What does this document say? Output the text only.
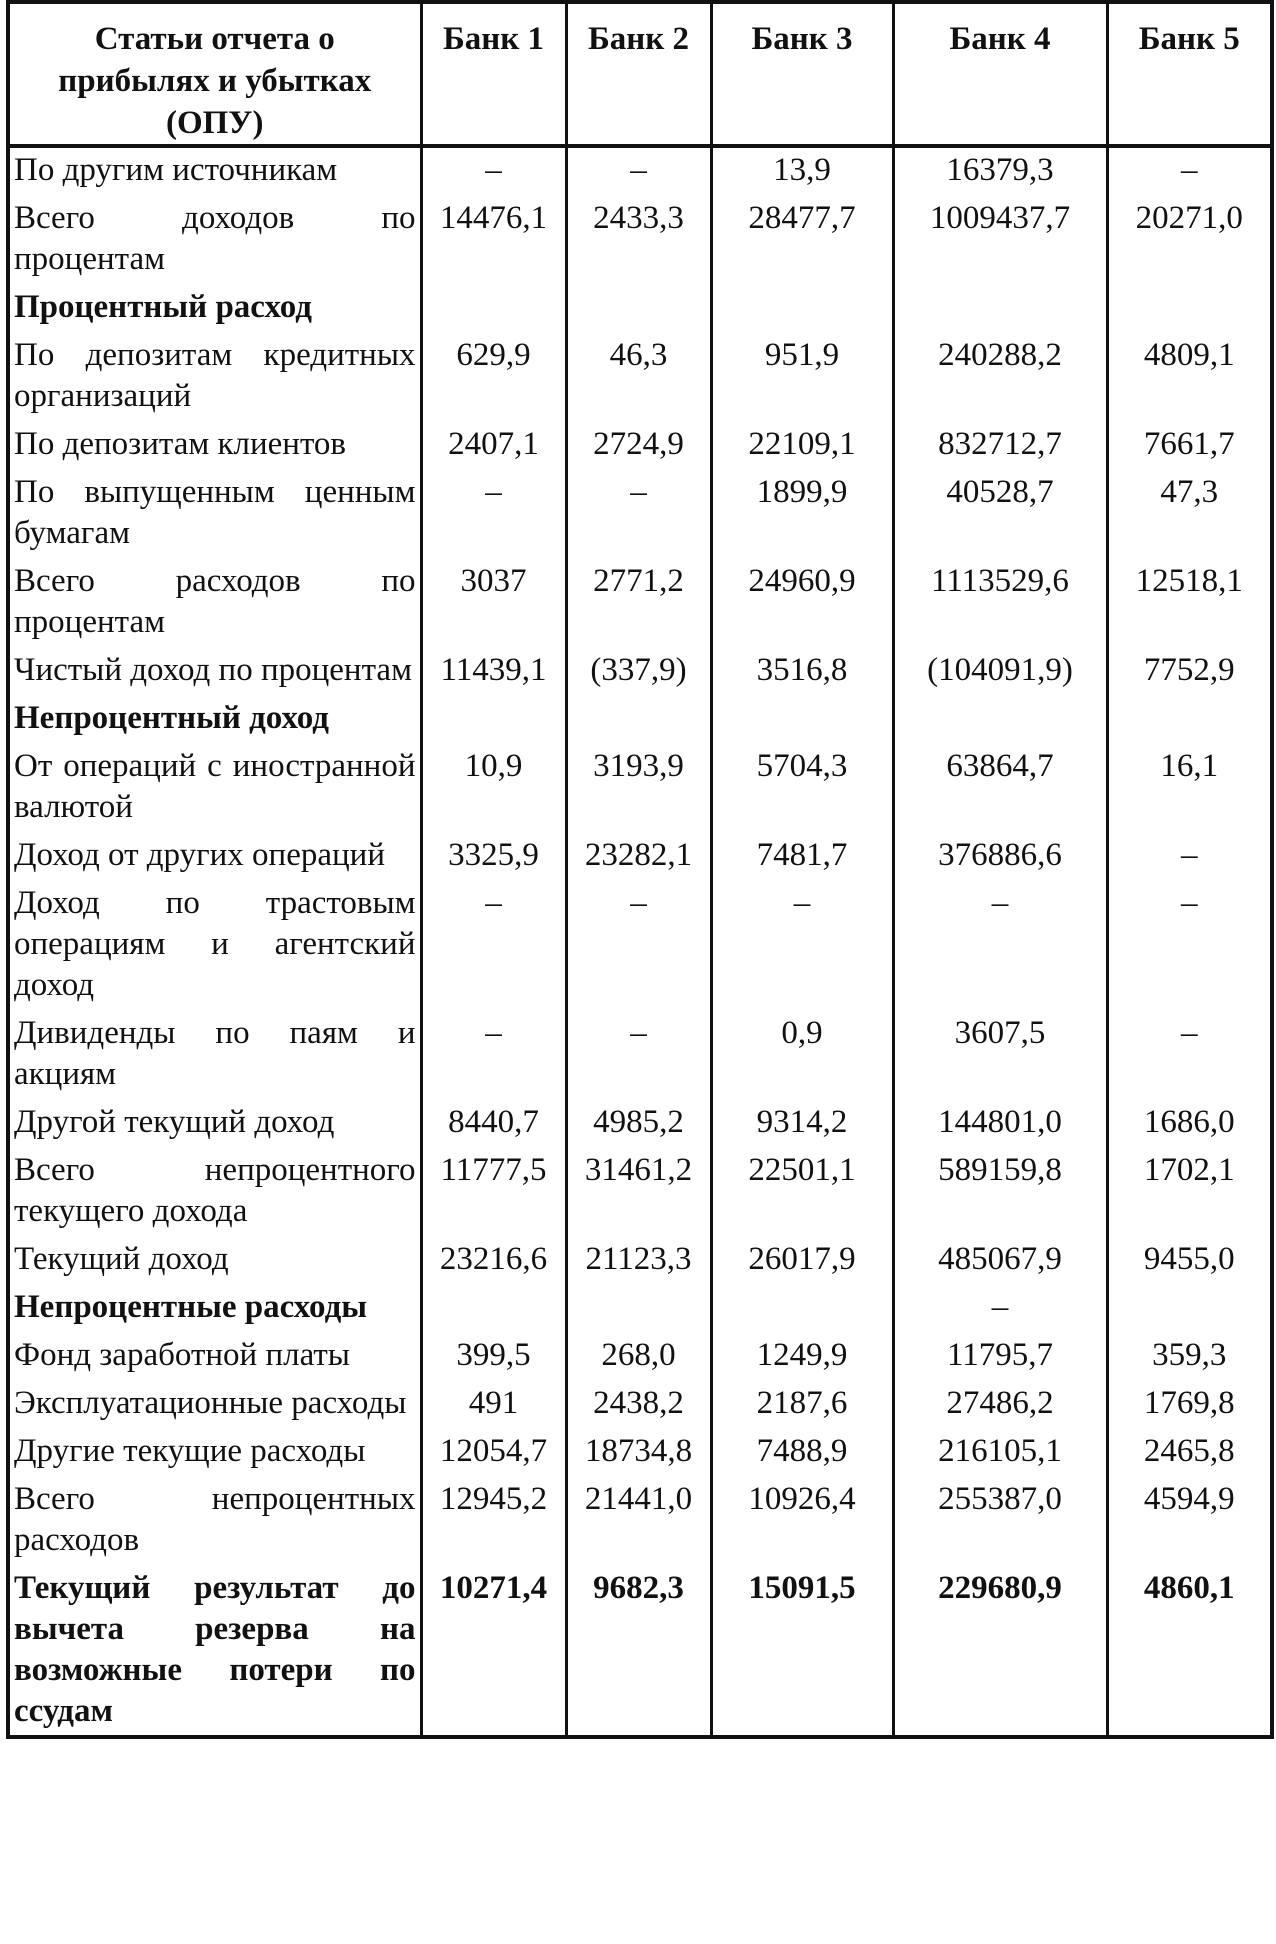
Статьи отчета о прибылях и убытках (ОПУ)	Банк 1	Банк 2	Банк 3	Банк 4	Банк 5
По другим источникам	–	–	13,9	16379,3	–
Всего доходов по процентам	14476,1	2433,3	28477,7	1009437,7	20271,0
Процентный расход					
По депозитам кредитных организаций	629,9	46,3	951,9	240288,2	4809,1
По депозитам клиентов	2407,1	2724,9	22109,1	832712,7	7661,7
По выпущенным ценным бумагам	–	–	1899,9	40528,7	47,3
Всего расходов по процентам	3037	2771,2	24960,9	1113529,6	12518,1
Чистый доход по процентам	11439,1	(337,9)	3516,8	(104091,9)	7752,9
Непроцентный доход					
От операций с иностранной валютой	10,9	3193,9	5704,3	63864,7	16,1
Доход от других операций	3325,9	23282,1	7481,7	376886,6	–
Доход по трастовым операциям и агентский доход	–	–	–	–	–
Дивиденды по паям и акциям	–	–	0,9	3607,5	–
Другой текущий доход	8440,7	4985,2	9314,2	144801,0	1686,0
Всего непроцентного текущего дохода	11777,5	31461,2	22501,1	589159,8	1702,1
Текущий доход	23216,6	21123,3	26017,9	485067,9	9455,0
Непроцентные расходы				–	
Фонд заработной платы	399,5	268,0	1249,9	11795,7	359,3
Эксплуатационные расходы	491	2438,2	2187,6	27486,2	1769,8
Другие текущие расходы	12054,7	18734,8	7488,9	216105,1	2465,8
Всего непроцентных расходов	12945,2	21441,0	10926,4	255387,0	4594,9
Текущий результат до вычета резерва на возможные потери по ссудам	10271,4	9682,3	15091,5	229680,9	4860,1
